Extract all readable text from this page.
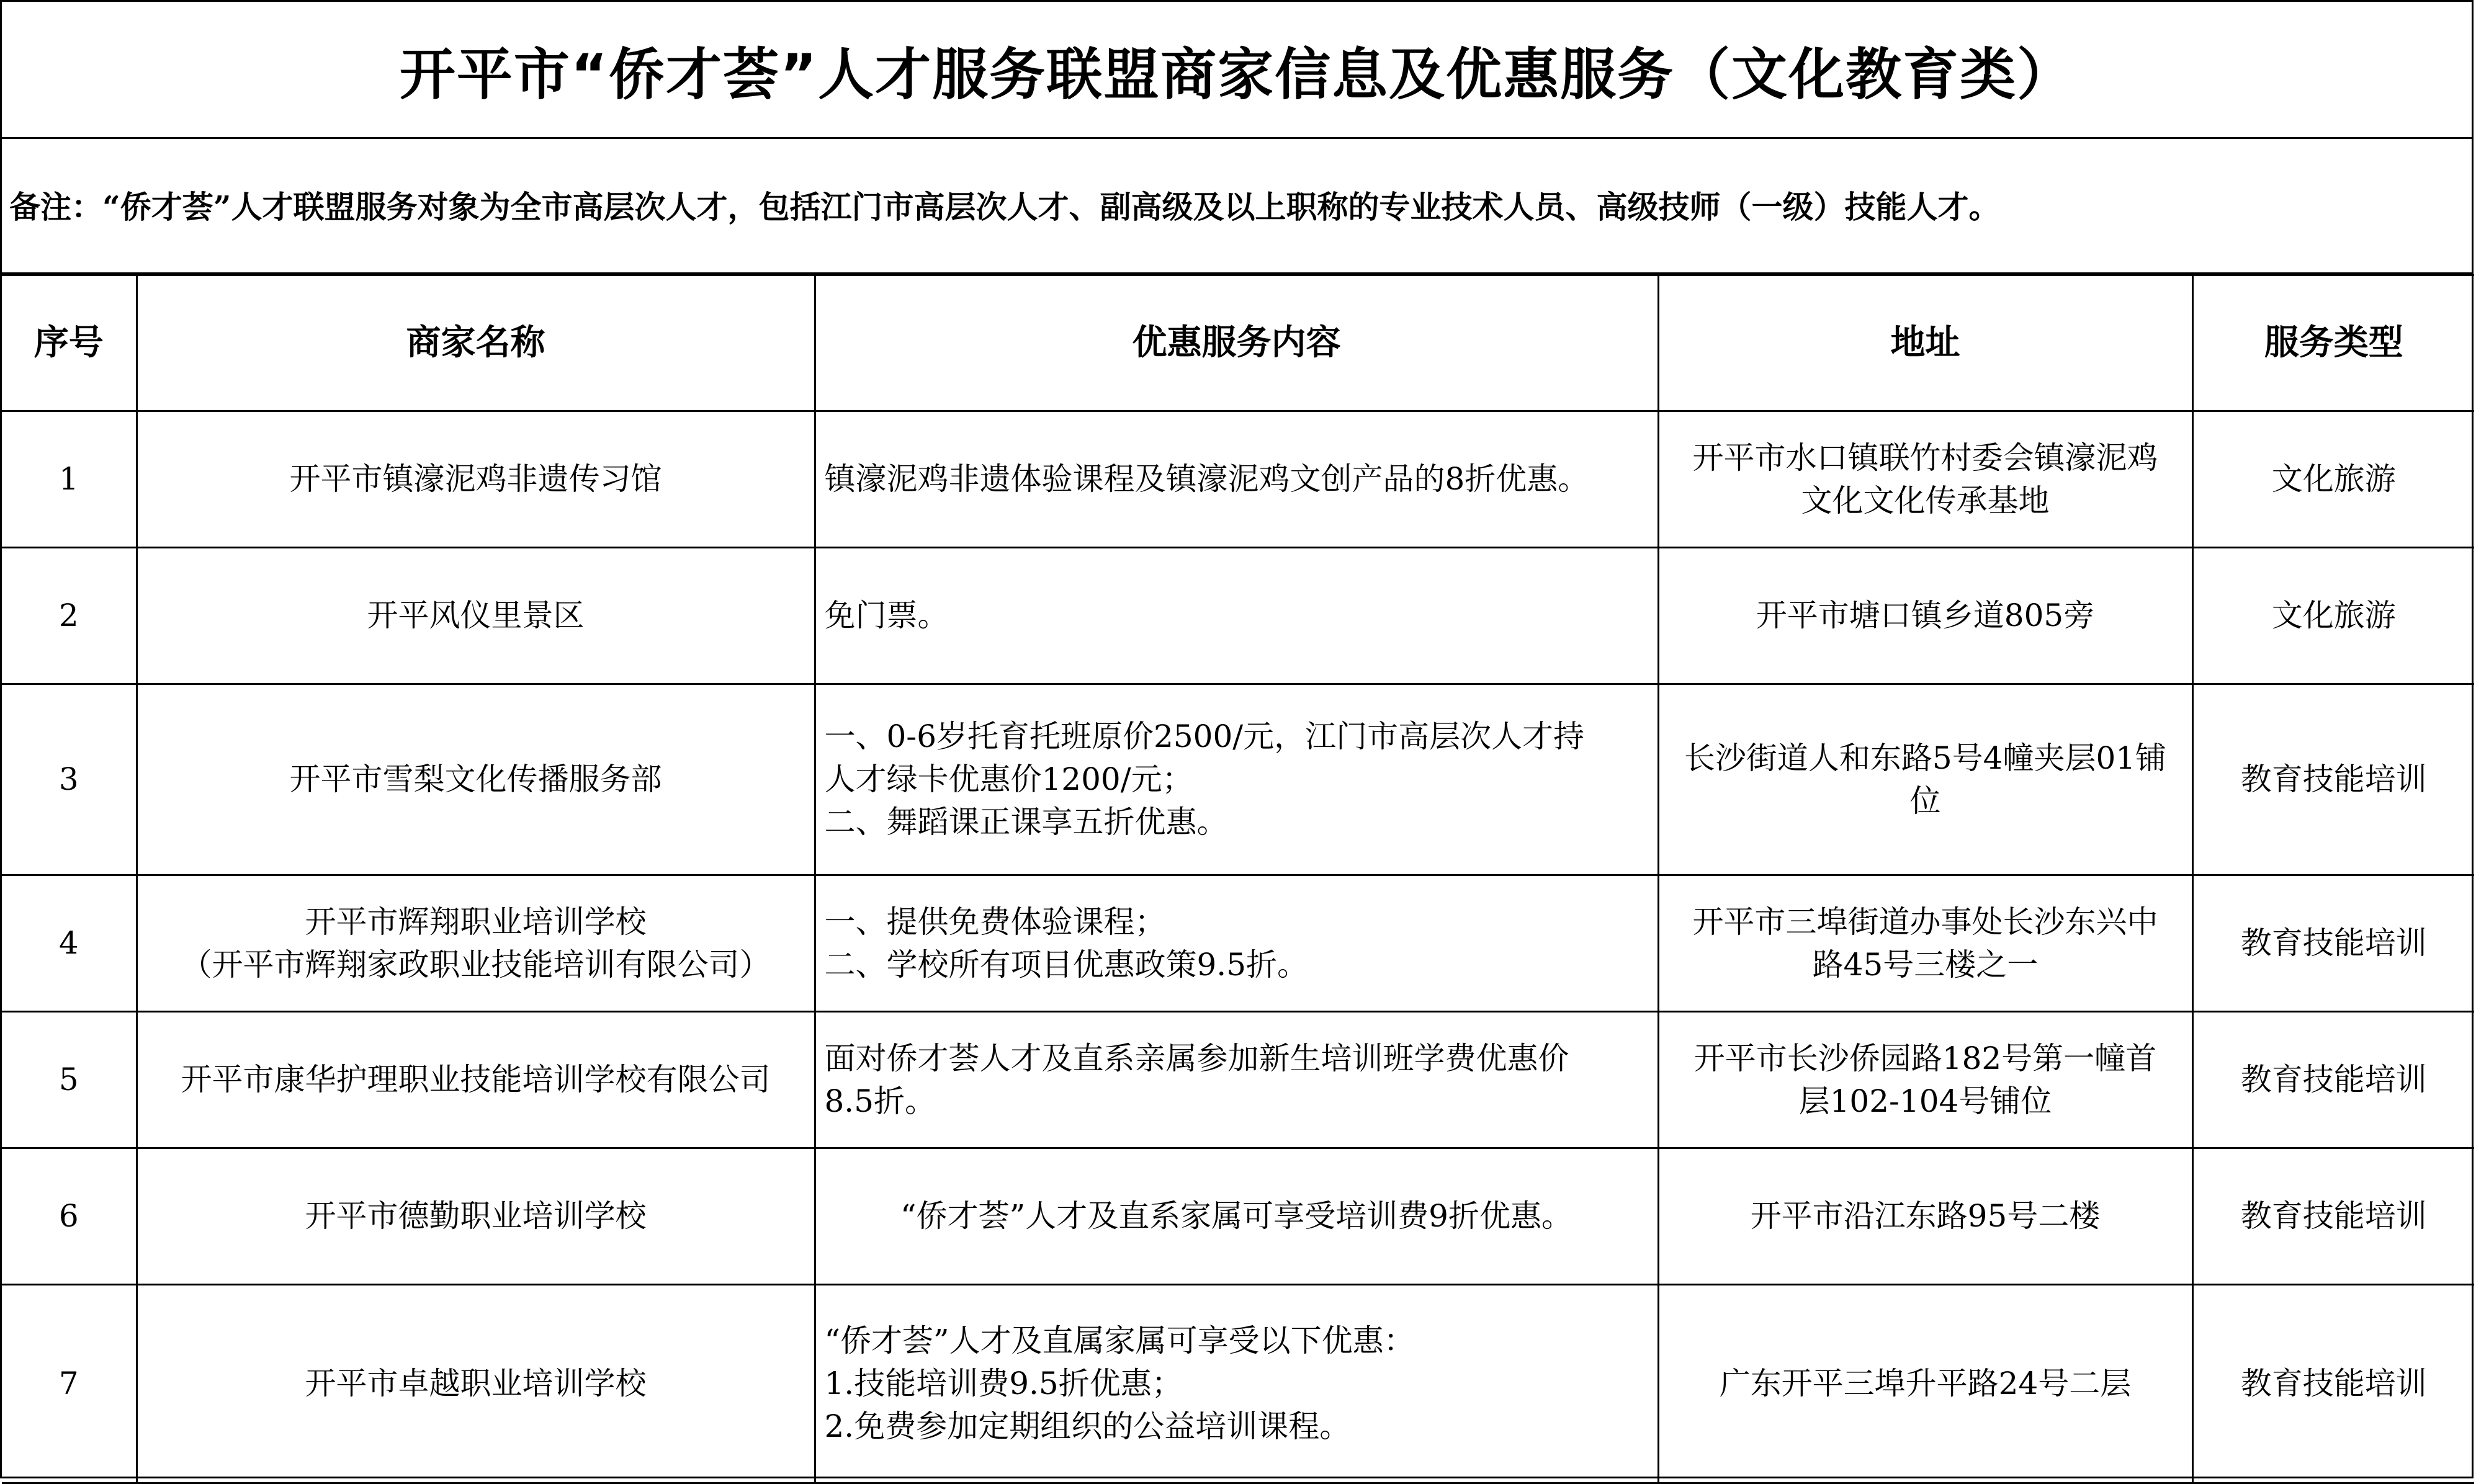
开平市“侨才荟”人才服务联盟商家信息及优惠服务（文化教育类）
备注：“侨才荟”人才联盟服务对象为全市高层次人才，包括江门市高层次人才、副高级及以上职称的专业技术人员、高级技师（一级）技能人才。
序号	商家名称	优惠服务内容	地址	服务类型
1	开平市镇濠泥鸡非遗传习馆	镇濠泥鸡非遗体验课程及镇濠泥鸡文创产品的8折优惠。	开平市水口镇联竹村委会镇濠泥鸡
文化文化传承基地	文化旅游
2	开平风仪里景区	免门票。	开平市塘口镇乡道805旁	文化旅游
3	开平市雪梨文化传播服务部	一、0-6岁托育托班原价2500/元，江门市高层次人才持
人才绿卡优惠价1200/元；
二、舞蹈课正课享五折优惠。	长沙街道人和东路5号4幢夹层01铺
位	教育技能培训
4	开平市辉翔职业培训学校
（开平市辉翔家政职业技能培训有限公司）	一、提供免费体验课程；
二、学校所有项目优惠政策9.5折。	开平市三埠街道办事处长沙东兴中
路45号三楼之一	教育技能培训
5	开平市康华护理职业技能培训学校有限公司	面对侨才荟人才及直系亲属参加新生培训班学费优惠价
8.5折。	开平市长沙侨园路182号第一幢首
层102-104号铺位	教育技能培训
6	开平市德勤职业培训学校	“侨才荟”人才及直系家属可享受培训费9折优惠。	开平市沿江东路95号二楼	教育技能培训
7	开平市卓越职业培训学校	“侨才荟”人才及直属家属可享受以下优惠：
1.技能培训费9.5折优惠；
2.免费参加定期组织的公益培训课程。	广东开平三埠升平路24号二层	教育技能培训
